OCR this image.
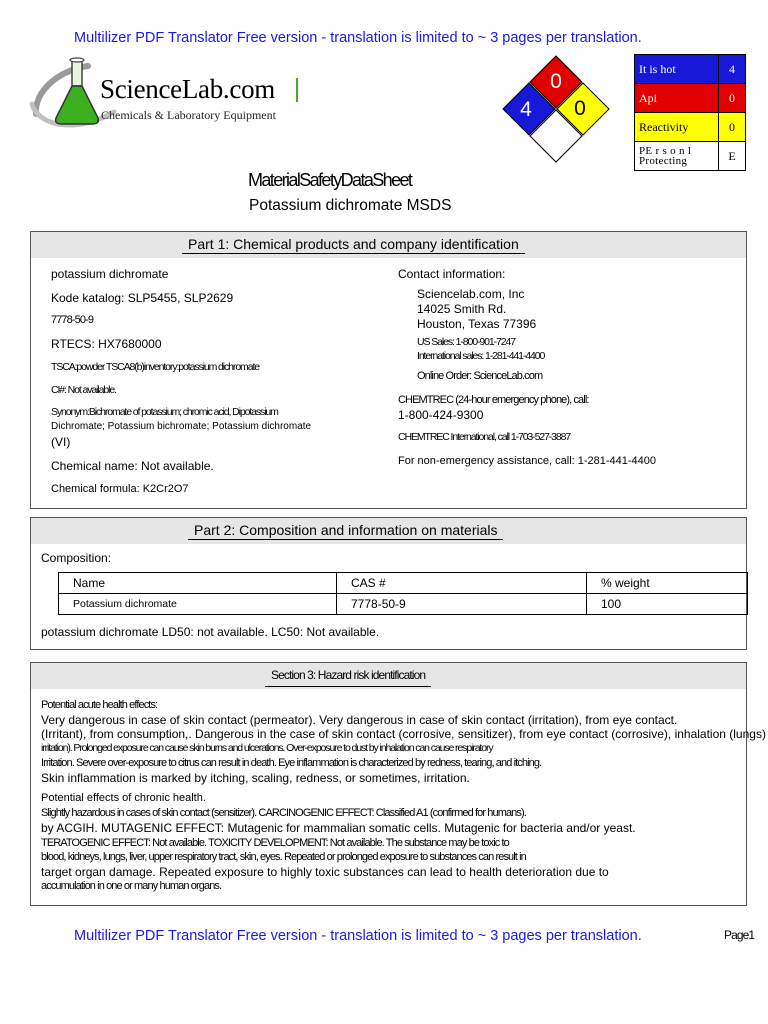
Multilizer PDF Translator Free version - translation is limited to ~ 3 pages per translation.
ScienceLab.com
Chemicals & Laboratory Equipment
0
4 0
It is hot	4
Api	0
Reactivity	0
PE r s o n l Protecting	E
MaterialSafetyDataSheet
Potassium dichromate MSDS
Part 1: Chemical products and company identification
potassium dichromate
Kode katalog: SLP5455, SLP2629
7778-50-9
RTECS: HX7680000
TSCA:powder TSCA8(b)inventory:potassium dichromate
CI#: Not available.
Synonym:Bichromate of potassium; chromic acid, Dipotassium
Dichromate; Potassium bichromate; Potassium dichromate
(VI)
Chemical name: Not available.
Chemical formula: K2Cr2O7
Contact information:
Sciencelab.com, Inc
14025 Smith Rd.
Houston, Texas 77396
US Sales: 1-800-901-7247
International sales: 1-281-441-4400
Online Order: ScienceLab.com
CHEMTREC (24-hour emergency phone), call:
1-800-424-9300
CHEMTREC International, call 1-703-527-3887
For non-emergency assistance, call: 1-281-441-4400
Part 2: Composition and information on materials
Composition:
Name	CAS #	% weight
Potassium dichromate	7778-50-9	100
potassium dichromate LD50: not available. LC50: Not available.
Section 3: Hazard risk identification
Potential acute health effects:
Very dangerous in case of skin contact (permeator). Very dangerous in case of skin contact (irritation), from eye contact.
(Irritant), from consumption,. Dangerous in the case of skin contact (corrosive, sensitizer), from eye contact (corrosive), inhalation (lungs)
irritation). Prolonged exposure can cause skin burns and ulcerations. Over-exposure to dust by inhalation can cause respiratory
Irritation. Severe over-exposure to citrus can result in death. Eye inflammation is characterized by redness, tearing, and itching.
Skin inflammation is marked by itching, scaling, redness, or sometimes, irritation.
Potential effects of chronic health.
Slightly hazardous in cases of skin contact (sensitizer). CARCINOGENIC EFFECT: Classified A1 (confirmed for humans).
by ACGIH. MUTAGENIC EFFECT: Mutagenic for mammalian somatic cells. Mutagenic for bacteria and/or yeast.
TERATOGENIC EFFECT: Not available. TOXICITY DEVELOPMENT: Not available. The substance may be toxic to
blood, kidneys, lungs, liver, upper respiratory tract, skin, eyes. Repeated or prolonged exposure to substances can result in
target organ damage. Repeated exposure to highly toxic substances can lead to health deterioration due to
accumulation in one or many human organs.
Multilizer PDF Translator Free version - translation is limited to ~ 3 pages per translation.	Page1
